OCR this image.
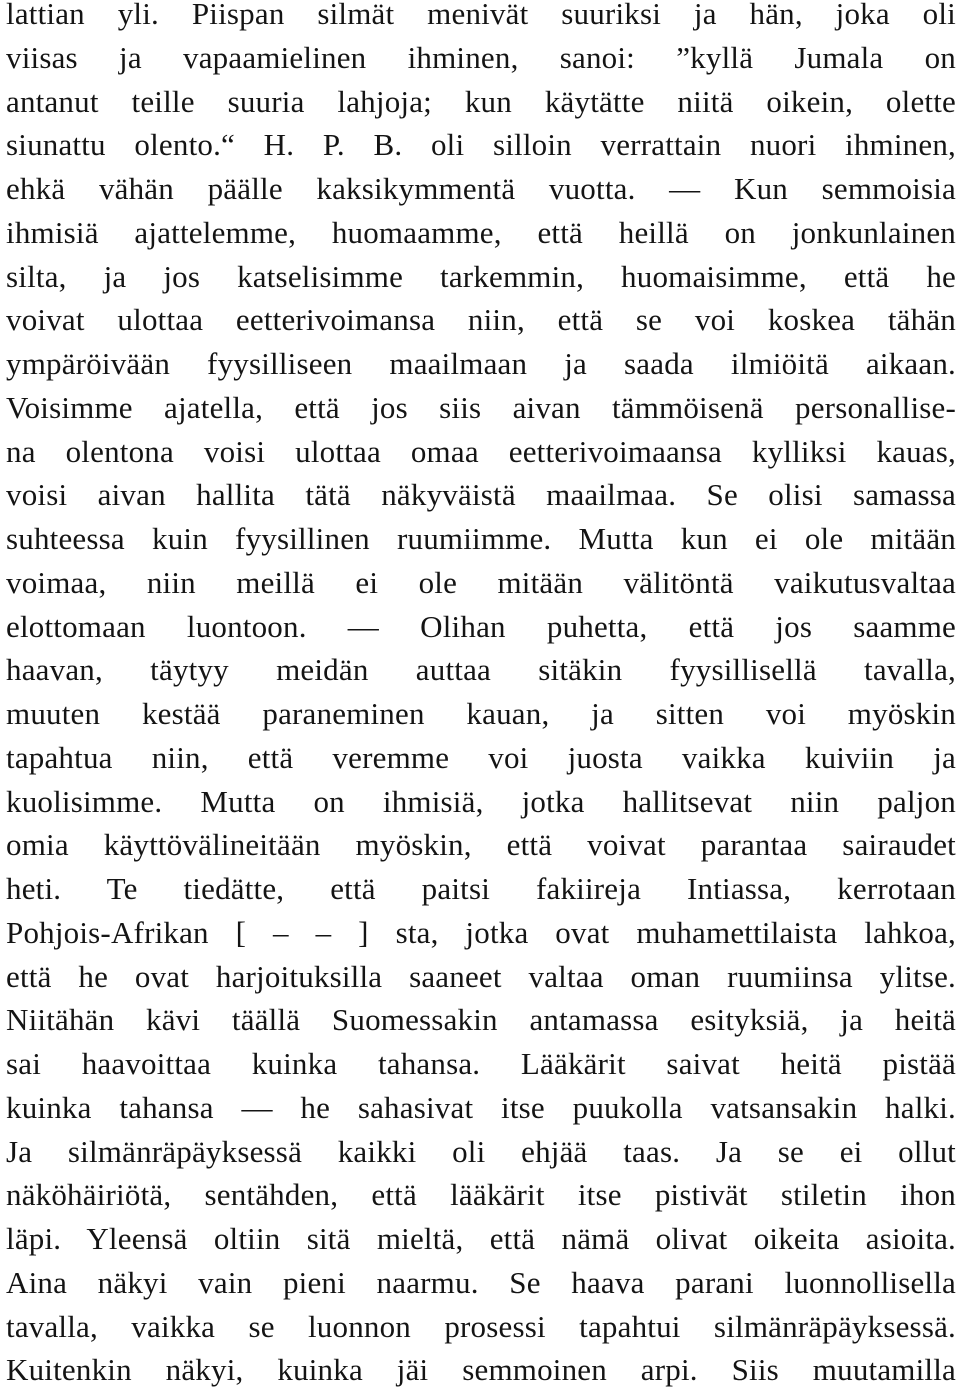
lattian yli. Piispan silmät menivät suuriksi ja hän, joka oli
viisas ja vapaamielinen ihminen, sanoi: ”kyllä Jumala on
antanut teille suuria lahjoja; kun käytätte niitä oikein, olette
siunattu olento.“ H. P. B. oli silloin verrattain nuori ihminen,
ehkä vähän päälle kaksikymmentä vuotta. — Kun semmoisia
ihmisiä ajattelemme, huomaamme, että heillä on jonkunlainen
silta, ja jos katselisimme tarkemmin, huomaisimme, että he
voivat ulottaa eetterivoimansa niin, että se voi koskea tähän
ympäröivään fyysilliseen maailmaan ja saada ilmiöitä aikaan.
Voisimme ajatella, että jos siis aivan tämmöisenä personallise-
na olentona voisi ulottaa omaa eetterivoimaansa kylliksi kauas,
voisi aivan hallita tätä näkyväistä maailmaa. Se olisi samassa
suhteessa kuin fyysillinen ruumiimme. Mutta kun ei ole mitään
voimaa, niin meillä ei ole mitään välitöntä vaikutusvaltaa
elottomaan luontoon. — Olihan puhetta, että jos saamme
haavan, täytyy meidän auttaa sitäkin fyysillisellä tavalla,
muuten kestää paraneminen kauan, ja sitten voi myöskin
tapahtua niin, että veremme voi juosta vaikka kuiviin ja
kuolisimme. Mutta on ihmisiä, jotka hallitsevat niin paljon
omia käyttövälineitään myöskin, että voivat parantaa sairaudet
heti. Te tiedätte, että paitsi fakiireja Intiassa, kerrotaan
Pohjois-Afrikan [ – – ] sta, jotka ovat muhamettilaista lahkoa,
että he ovat harjoituksilla saaneet valtaa oman ruumiinsa ylitse.
Niitähän kävi täällä Suomessakin antamassa esityksiä, ja heitä
sai haavoittaa kuinka tahansa. Lääkärit saivat heitä pistää
kuinka tahansa — he sahasivat itse puukolla vatsansakin halki.
Ja silmänräpäyksessä kaikki oli ehjää taas. Ja se ei ollut
näköhäiriötä, sentähden, että lääkärit itse pistivät stiletin ihon
läpi. Yleensä oltiin sitä mieltä, että nämä olivat oikeita asioita.
Aina näkyi vain pieni naarmu. Se haava parani luonnollisella
tavalla, vaikka se luonnon prosessi tapahtui silmänräpäyksessä.
Kuitenkin näkyi, kuinka jäi semmoinen arpi. Siis muutamilla
